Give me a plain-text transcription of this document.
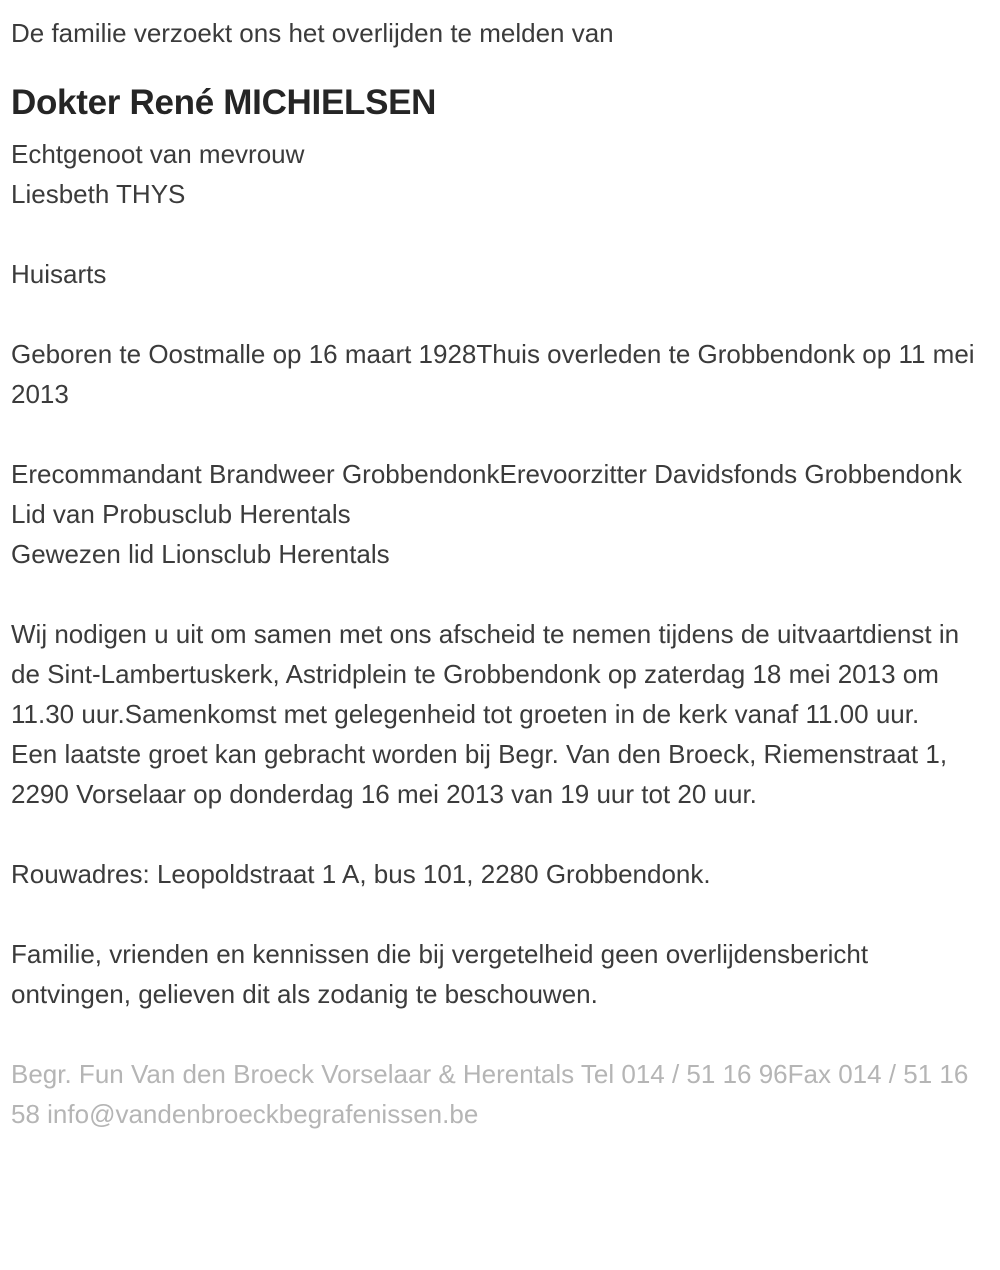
De familie verzoekt ons het overlijden te melden van
Dokter René MICHIELSEN
Echtgenoot van mevrouw
Liesbeth THYS
Huisarts
Geboren te Oostmalle op 16 maart 1928Thuis overleden te Grobbendonk op 11 mei 2013
Erecommandant Brandweer GrobbendonkErevoorzitter Davidsfonds Grobbendonk
Lid van Probusclub Herentals
Gewezen lid Lionsclub Herentals
Wij nodigen u uit om samen met ons afscheid te nemen tijdens de uitvaartdienst in de Sint-Lambertuskerk, Astridplein te Grobbendonk op zaterdag 18 mei 2013 om 11.30 uur.Samenkomst met gelegenheid tot groeten in de kerk vanaf 11.00 uur.
Een laatste groet kan gebracht worden bij Begr. Van den Broeck, Riemenstraat 1, 2290 Vorselaar op donderdag 16 mei 2013 van 19 uur tot 20 uur.
Rouwadres: Leopoldstraat 1 A, bus 101, 2280 Grobbendonk.
Familie, vrienden en kennissen die bij vergetelheid geen overlijdensbericht ontvingen, gelieven dit als zodanig te beschouwen.
Begr. Fun Van den Broeck Vorselaar & Herentals Tel 014 / 51 16 96Fax 014 / 51 16 58 info@vandenbroeckbegrafenissen.be
